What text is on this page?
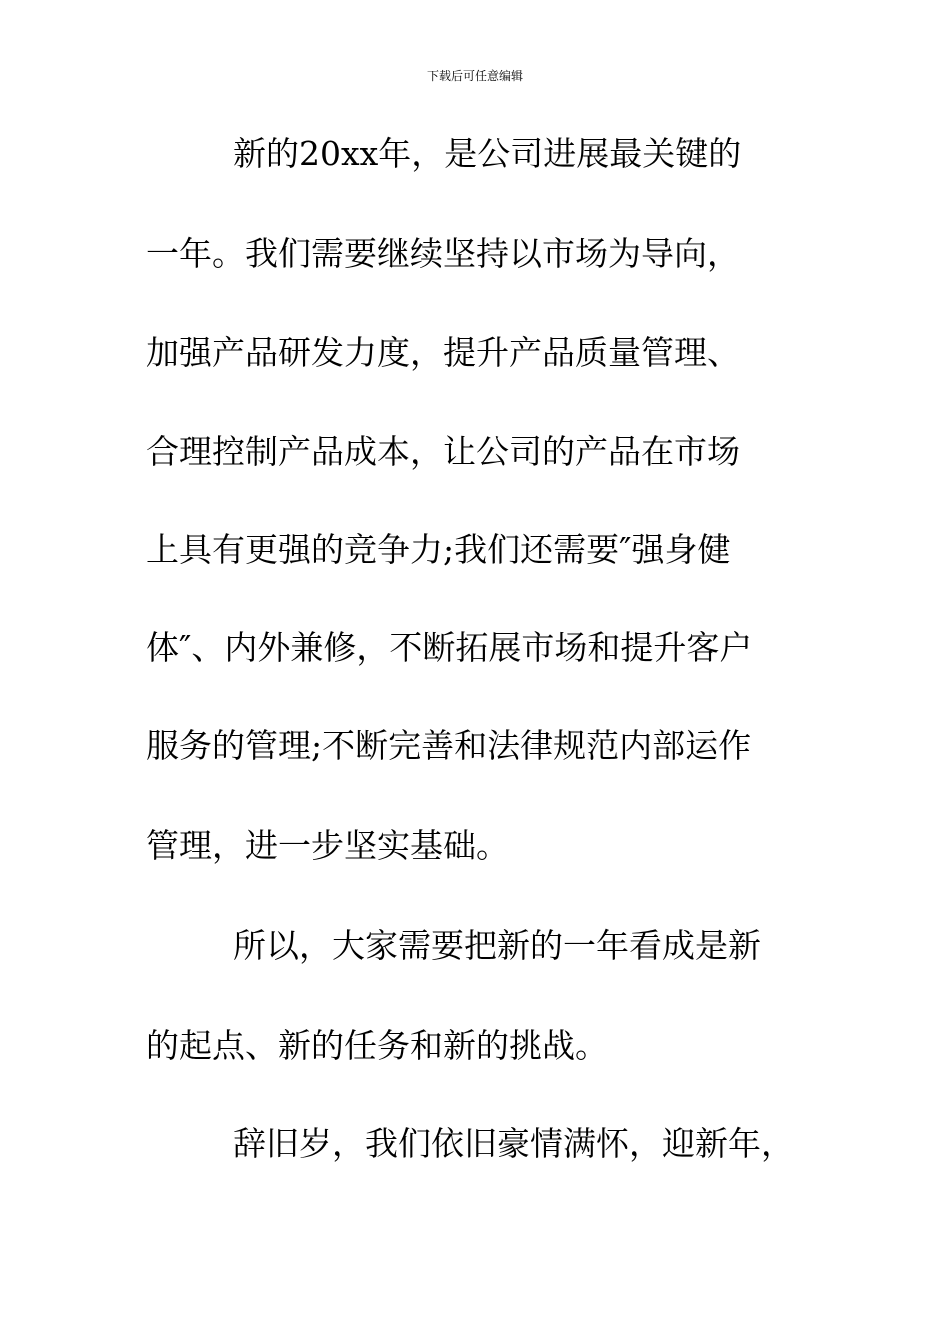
下载后可任意编辑
新的20xx年，是公司进展最关键的
一年。我们需要继续坚持以市场为导向，
加强产品研发力度，提升产品质量管理、
合理控制产品成本，让公司的产品在市场
上具有更强的竞争力;我们还需要″强身健
体″、内外兼修，不断拓展市场和提升客户
服务的管理;不断完善和法律规范内部运作
管理，进一步坚实基础。
所以，大家需要把新的一年看成是新
的起点、新的任务和新的挑战。
辞旧岁，我们依旧豪情满怀，迎新年，
